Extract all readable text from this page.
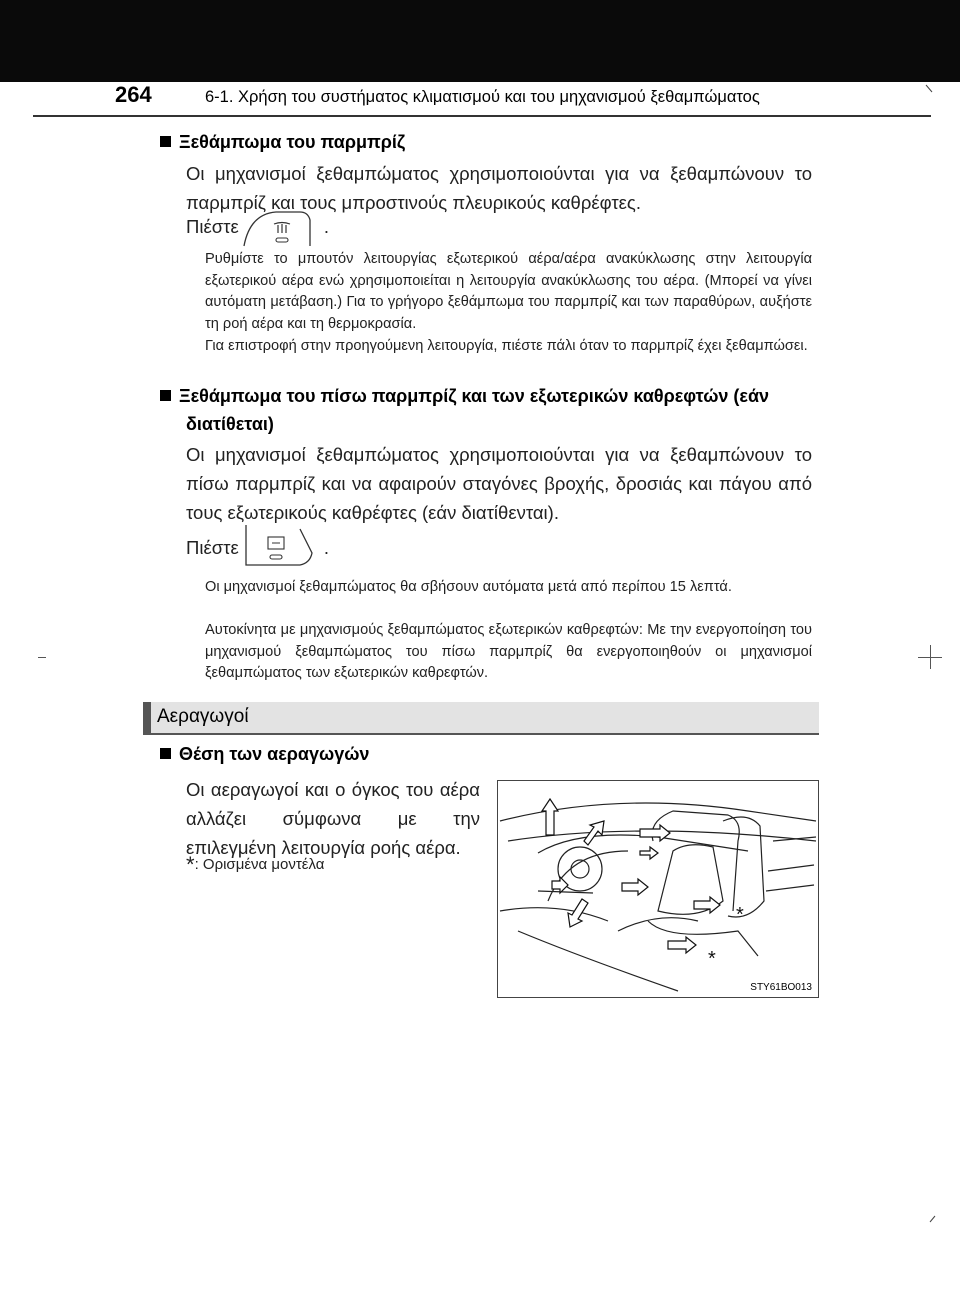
264	6-1. Χρήση του συστήματος κλιματισμού και του μηχανισμού ξεθαμπώματος
Ξεθάμπωμα του παρμπρίζ
Οι μηχανισμοί ξεθαμπώματος χρησιμοποιούνται για να ξεθαμπώνουν το παρμπρίζ και τους μπροστινούς πλευρικούς καθρέφτες.
Πιέστε	.
Ρυθμίστε το μπουτόν λειτουργίας εξωτερικού αέρα/αέρα ανακύκλωσης στην λειτουργία εξωτερικού αέρα ενώ χρησιμοποιείται η λειτουργία ανακύκλωσης του αέρα. (Μπορεί να γίνει αυτόματη μετάβαση.) Για το γρήγορο ξεθάμπωμα του παρμπρίζ και των παραθύρων, αυξήστε τη ροή αέρα και τη θερμοκρασία.
Για επιστροφή στην προηγούμενη λειτουργία, πιέστε πάλι όταν το παρμπρίζ έχει ξεθαμπώσει.
Ξεθάμπωμα του πίσω παρμπρίζ και των εξωτερικών καθρεφτών (εάν
διατίθεται)
Οι μηχανισμοί ξεθαμπώματος χρησιμοποιούνται για να ξεθαμπώνουν το πίσω παρμπρίζ και να αφαιρούν σταγόνες βροχής, δροσιάς και πάγου από τους εξωτερικούς καθρέφτες (εάν διατίθενται).
Πιέστε	.
Οι μηχανισμοί ξεθαμπώματος θα σβήσουν αυτόματα μετά από περίπου 15 λεπτά.
Αυτοκίνητα με μηχανισμούς ξεθαμπώματος εξωτερικών καθρεφτών: Με την ενεργοποίηση του μηχανισμού ξεθαμπώματος του πίσω παρμπρίζ θα ενεργοποιηθούν οι μηχανισμοί ξεθαμπώματος των εξωτερικών καθρεφτών.
Αεραγωγοί
Θέση των αεραγωγών
Οι αεραγωγοί και ο όγκος του αέρα αλλάζει σύμφωνα με την επιλεγμένη λειτουργία ροής αέρα.
*: Ορισμένα μοντέλα
*
*
STY61BO013
